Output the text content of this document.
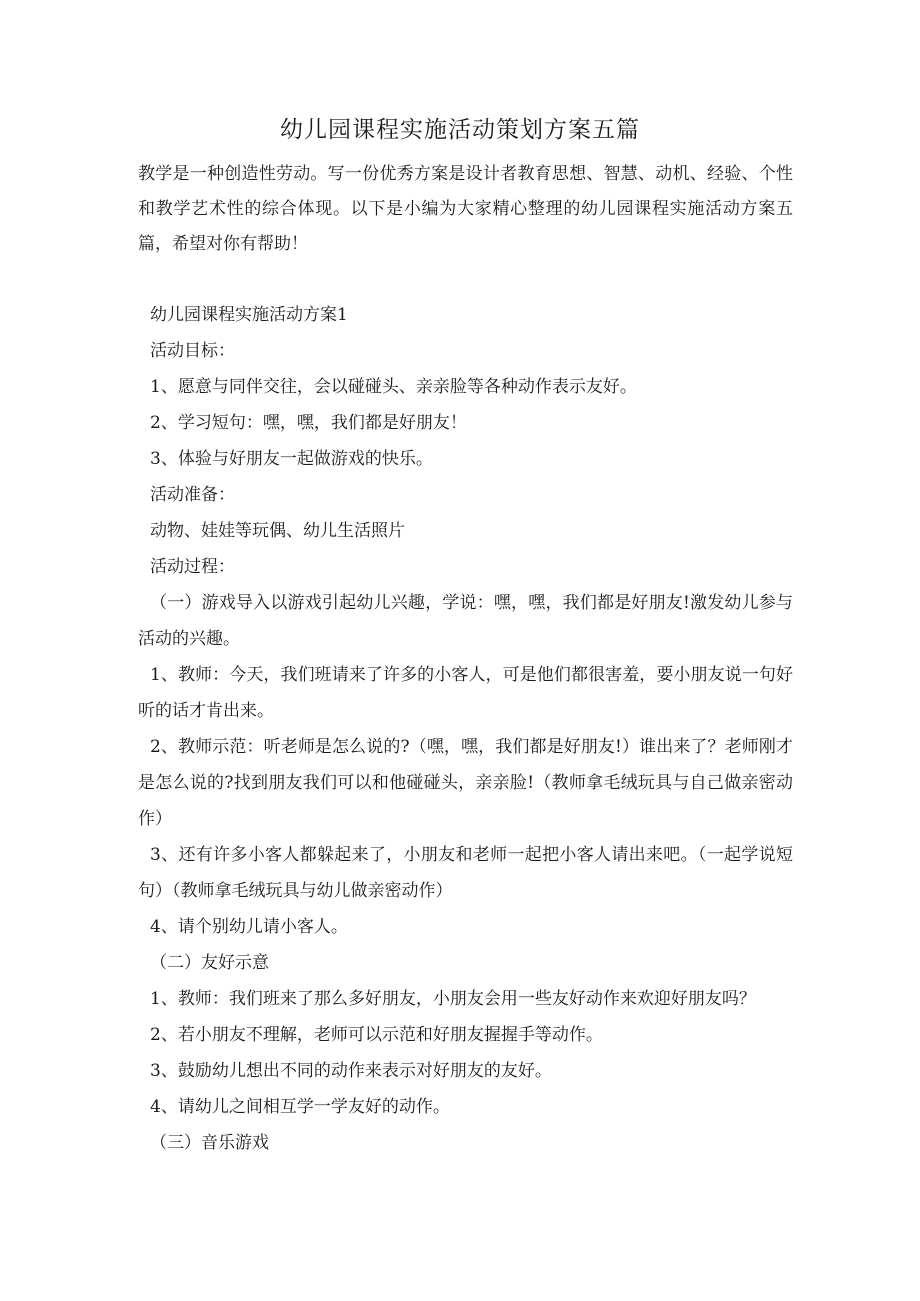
幼儿园课程实施活动策划方案五篇

教学是一种创造性劳动。写一份优秀方案是设计者教育思想、智慧、动机、经验、个性和教学艺术性的综合体现。以下是小编为大家精心整理的幼儿园课程实施活动方案五篇，希望对你有帮助！

幼儿园课程实施活动方案1

活动目标：

1、愿意与同伴交往，会以碰碰头、亲亲脸等各种动作表示友好。

2、学习短句：嘿，嘿，我们都是好朋友！

3、体验与好朋友一起做游戏的快乐。

活动准备：

动物、娃娃等玩偶、幼儿生活照片

活动过程：

（一）游戏导入以游戏引起幼儿兴趣，学说：嘿，嘿，我们都是好朋友!激发幼儿参与活动的兴趣。

1、教师：今天，我们班请来了许多的小客人，可是他们都很害羞，要小朋友说一句好听的话才肯出来。

2、教师示范：听老师是怎么说的?（嘿，嘿，我们都是好朋友!）谁出来了？老师刚才是怎么说的?找到朋友我们可以和他碰碰头，亲亲脸!（教师拿毛绒玩具与自己做亲密动作）

3、还有许多小客人都躲起来了，小朋友和老师一起把小客人请出来吧。（一起学说短句）（教师拿毛绒玩具与幼儿做亲密动作）

4、请个别幼儿请小客人。

（二）友好示意

1、教师：我们班来了那么多好朋友，小朋友会用一些友好动作来欢迎好朋友吗？

2、若小朋友不理解，老师可以示范和好朋友握握手等动作。

3、鼓励幼儿想出不同的动作来表示对好朋友的友好。

4、请幼儿之间相互学一学友好的动作。

（三）音乐游戏
